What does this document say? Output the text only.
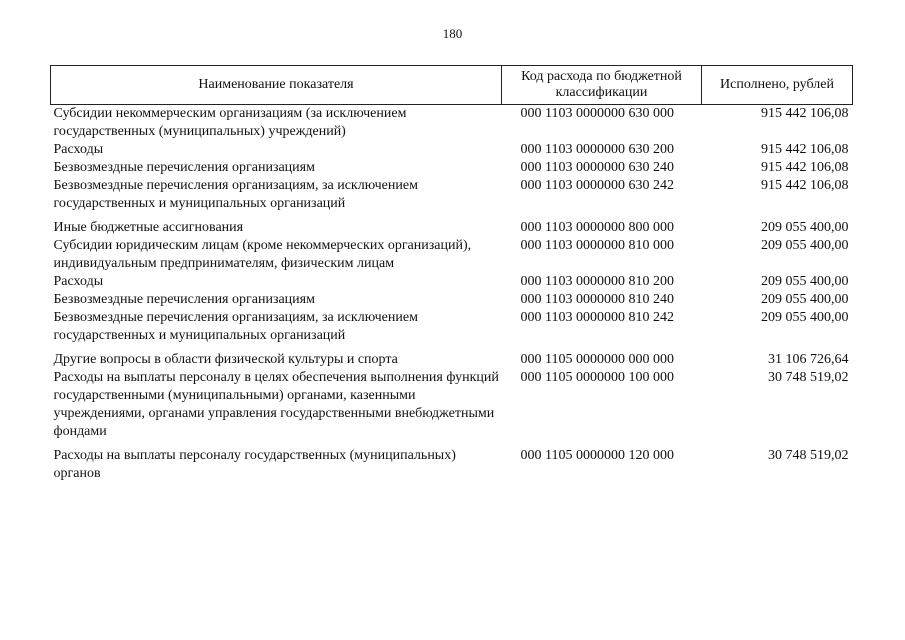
180
Наименование показателя	Код расхода по бюджетной классификации	Исполнено, рублей
Субсидии некоммерческим организациям (за исключением государственных (муниципальных) учреждений)	000 1103 0000000 630 000	915 442 106,08
Расходы	000 1103 0000000 630 200	915 442 106,08
Безвозмездные перечисления организациям	000 1103 0000000 630 240	915 442 106,08
Безвозмездные перечисления организациям, за исключением государственных и муниципальных организаций	000 1103 0000000 630 242	915 442 106,08
Иные бюджетные ассигнования	000 1103 0000000 800 000	209 055 400,00
Субсидии юридическим лицам (кроме некоммерческих организаций), индивидуальным предпринимателям, физическим лицам	000 1103 0000000 810 000	209 055 400,00
Расходы	000 1103 0000000 810 200	209 055 400,00
Безвозмездные перечисления организациям	000 1103 0000000 810 240	209 055 400,00
Безвозмездные перечисления организациям, за исключением государственных и муниципальных организаций	000 1103 0000000 810 242	209 055 400,00
Другие вопросы в области физической культуры и спорта	000 1105 0000000 000 000	31 106 726,64
Расходы на выплаты персоналу в целях обеспечения выполнения функций государственными (муниципальными) органами, казенными учреждениями, органами управления государственными внебюджетными фондами	000 1105 0000000 100 000	30 748 519,02
Расходы на выплаты персоналу государственных (муниципальных) органов	000 1105 0000000 120 000	30 748 519,02
